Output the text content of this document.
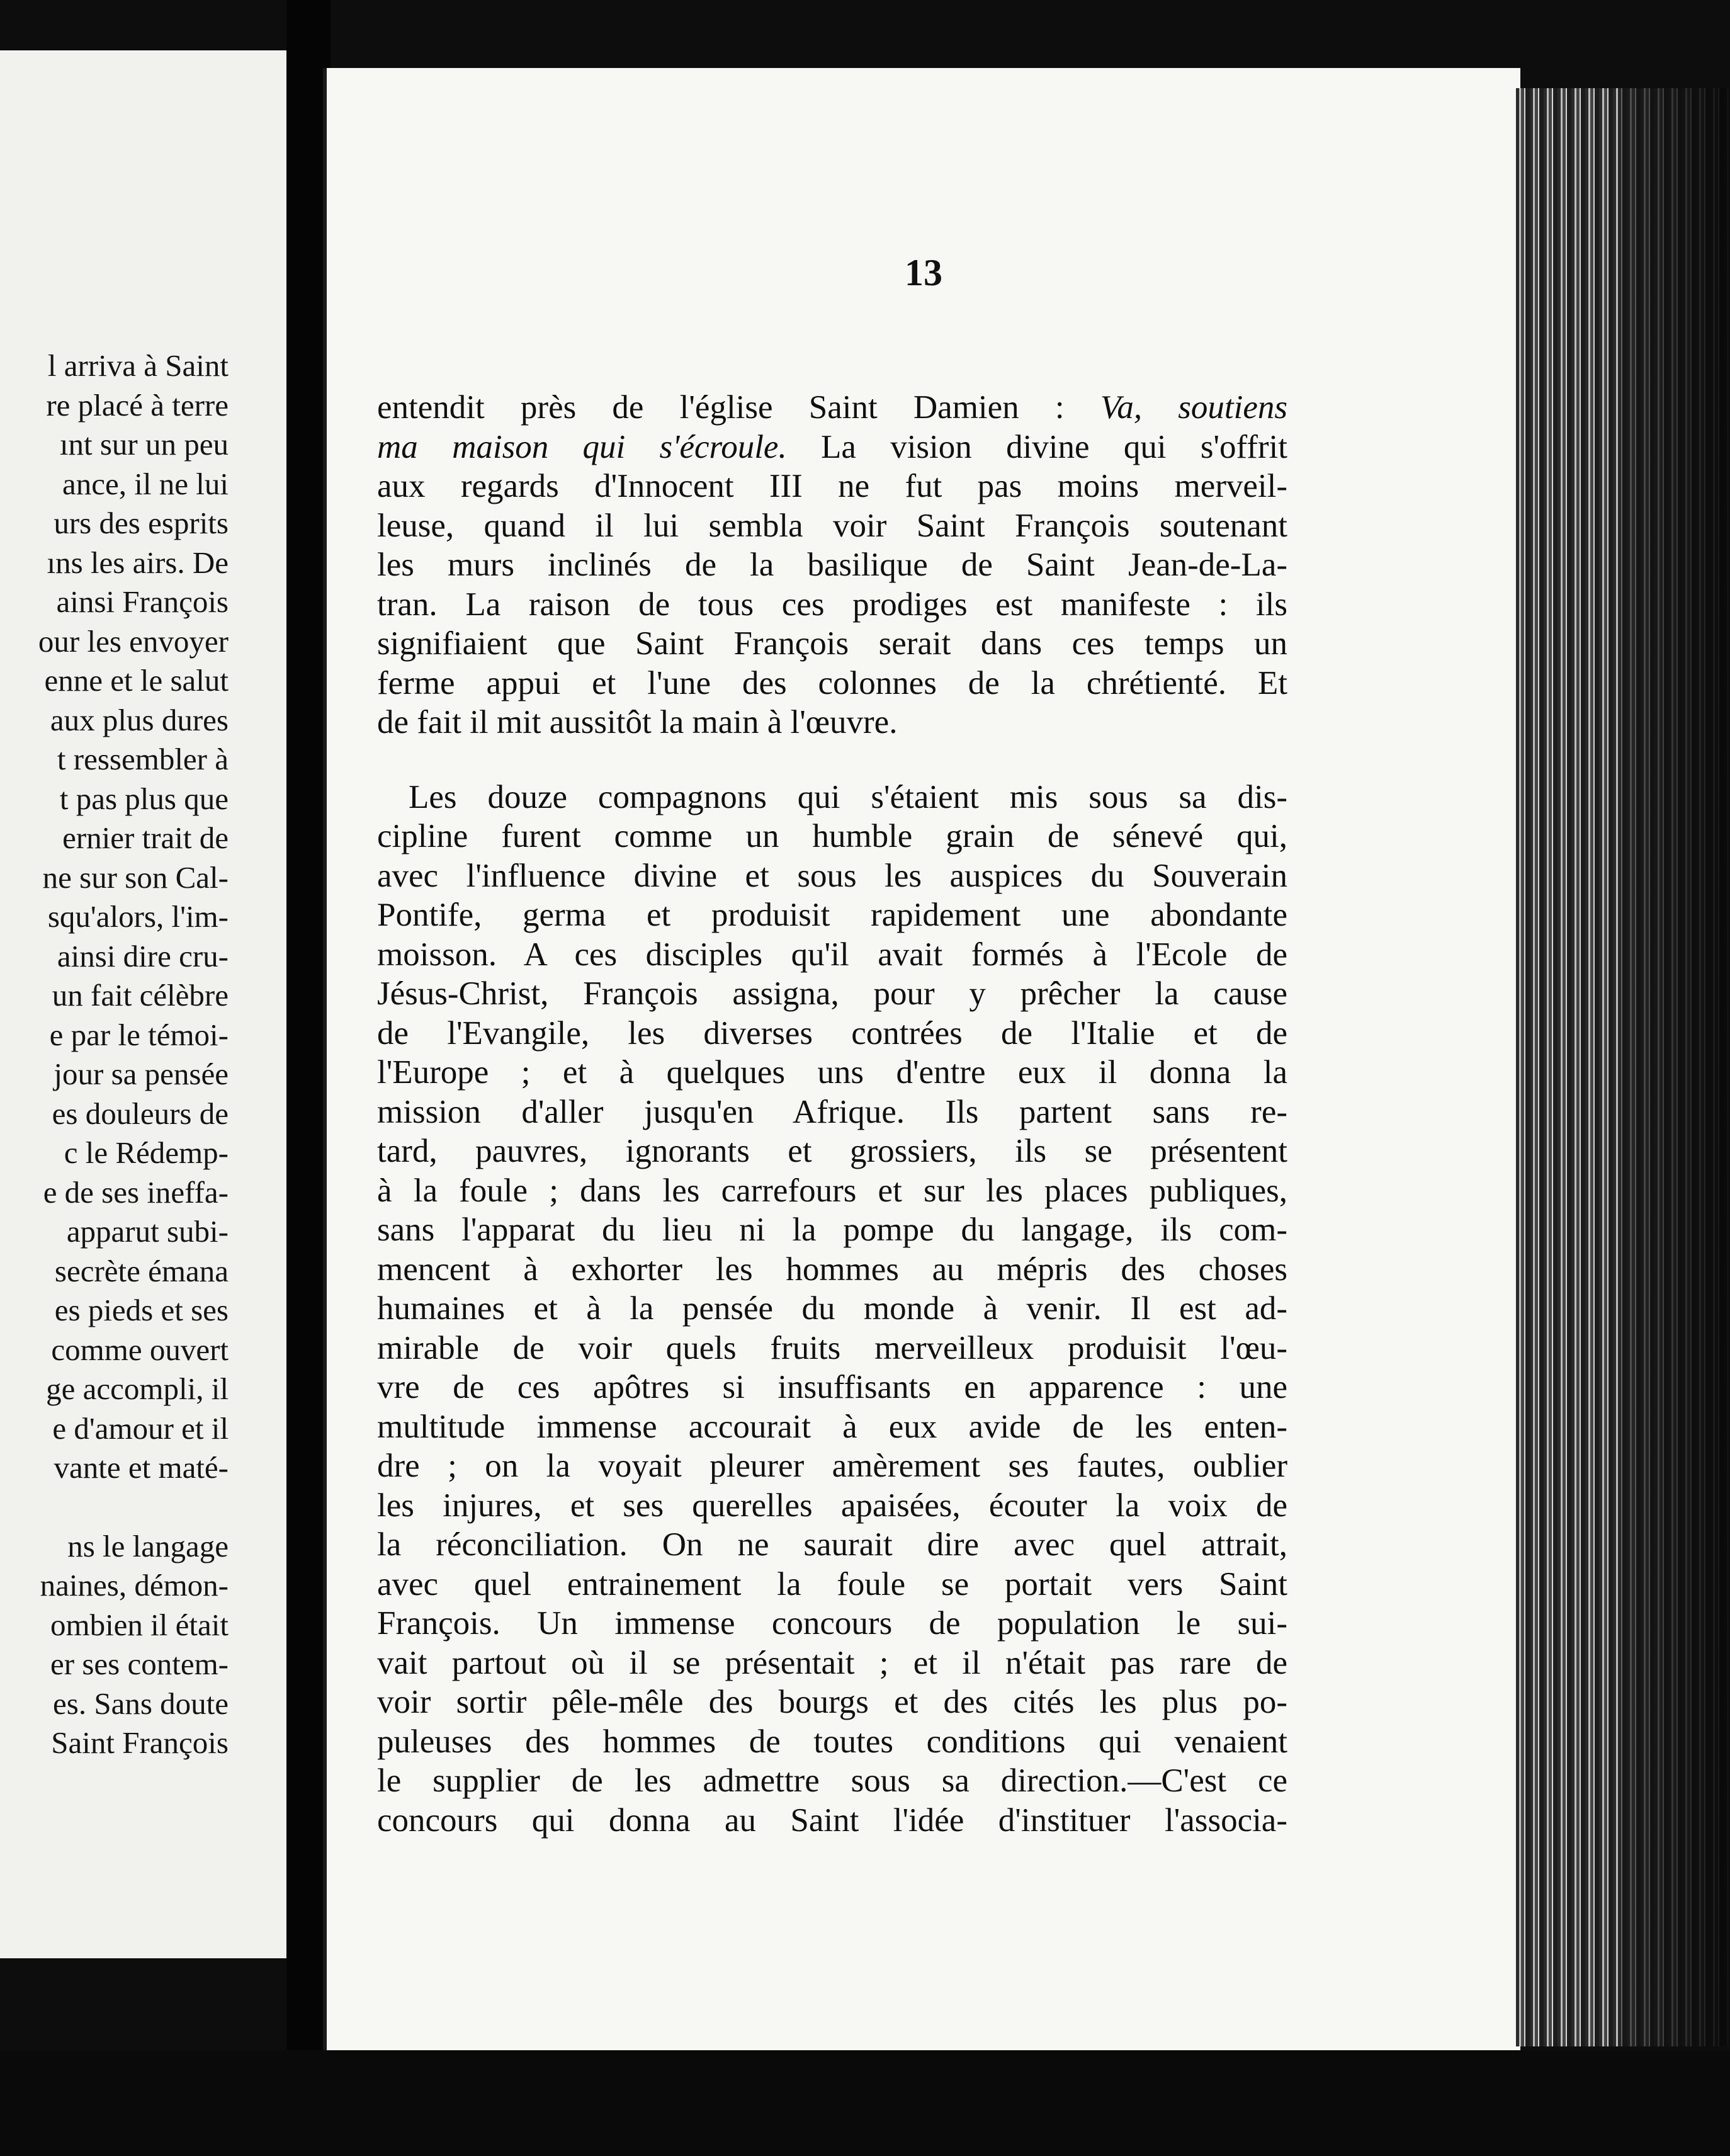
l arriva à Saint
re placé à terre
ınt sur un peu
ance, il ne lui
urs des esprits
ıns les airs. De
ainsi François
our les envoyer
enne et le salut
aux plus dures
t ressembler à
t pas plus que
ernier trait de
ne sur son Cal-
squ'alors, l'im-
ainsi dire cru-
un fait célèbre
e par le témoi-
jour sa pensée
es douleurs de
c le Rédemp-
e de ses ineffa-
apparut subi-
secrète émana
es pieds et ses
comme ouvert
ge accompli, il
e d'amour et il
vante et maté-
ns le langage
naines, démon-
ombien il était
er ses contem-
es. Sans doute
Saint François
13
entendit près de l'église Saint Damien : Va, soutiens
ma maison qui s'écroule. La vision divine qui s'offrit
aux regards d'Innocent III ne fut pas moins merveil-
leuse, quand il lui sembla voir Saint François soutenant
les murs inclinés de la basilique de Saint Jean-de-La-
tran. La raison de tous ces prodiges est manifeste : ils
signifiaient que Saint François serait dans ces temps un
ferme appui et l'une des colonnes de la chrétienté. Et
de fait il mit aussitôt la main à l'œuvre.
Les douze compagnons qui s'étaient mis sous sa dis-
cipline furent comme un humble grain de sénevé qui,
avec l'influence divine et sous les auspices du Souverain
Pontife, germa et produisit rapidement une abondante
moisson. A ces disciples qu'il avait formés à l'Ecole de
Jésus-Christ, François assigna, pour y prêcher la cause
de l'Evangile, les diverses contrées de l'Italie et de
l'Europe ; et à quelques uns d'entre eux il donna la
mission d'aller jusqu'en Afrique. Ils partent sans re-
tard, pauvres, ignorants et grossiers, ils se présentent
à la foule ; dans les carrefours et sur les places publiques,
sans l'apparat du lieu ni la pompe du langage, ils com-
mencent à exhorter les hommes au mépris des choses
humaines et à la pensée du monde à venir. Il est ad-
mirable de voir quels fruits merveilleux produisit l'œu-
vre de ces apôtres si insuffisants en apparence : une
multitude immense accourait à eux avide de les enten-
dre ; on la voyait pleurer amèrement ses fautes, oublier
les injures, et ses querelles apaisées, écouter la voix de
la réconciliation. On ne saurait dire avec quel attrait,
avec quel entrainement la foule se portait vers Saint
François. Un immense concours de population le sui-
vait partout où il se présentait ; et il n'était pas rare de
voir sortir pêle-mêle des bourgs et des cités les plus po-
puleuses des hommes de toutes conditions qui venaient
le supplier de les admettre sous sa direction.—C'est ce
concours qui donna au Saint l'idée d'instituer l'associa-
